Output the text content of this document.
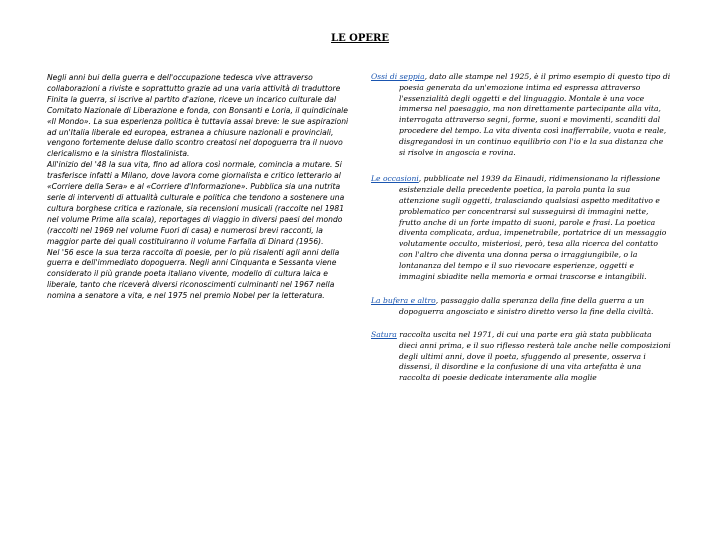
LE OPERE

Negli anni bui della guerra e dell'occupazione tedesca vive attraverso collaborazioni a riviste e soprattutto grazie ad una varia attività di traduttore

Finita la guerra, si iscrive al partito d'azione, riceve un incarico culturale dal Comitato Nazionale di Liberazione e fonda, con Bonsanti e Loria, il quindicinale «Il Mondo». La sua esperienza politica è tuttavia assai breve: le sue aspirazioni ad un'Italia liberale ed europea, estranea a chiusure nazionali e provinciali, vengono fortemente deluse dallo scontro creatosi nel dopoguerra tra il nuovo clericalismo e la sinistra filostalinista.

All'inizio del '48 la sua vita, fino ad allora così normale, comincia a mutare. Si trasferisce infatti a Milano, dove lavora come giornalista e critico letterario al «Corriere della Sera» e al «Corriere d'Informazione». Pubblica sia una nutrita serie di interventi di attualità culturale e politica che tendono a sostenere una cultura borghese critica e razionale, sia recensioni musicali (raccolte nel 1981 nel volume Prime alla scala), reportages di viaggio in diversi paesi del mondo (raccolti nel 1969 nel volume Fuori di casa) e numerosi brevi racconti, la maggior parte dei quali costituiranno il volume Farfalla di Dinard (1956).

Nel '56 esce la sua terza raccolta di poesie, per lo più risalenti agli anni della guerra e dell'immediato dopoguerra. Negli anni Cinquanta e Sessanta viene considerato il più grande poeta italiano vivente, modello di cultura laica e liberale, tanto che riceverà diversi riconoscimenti culminanti nel 1967 nella nomina a senatore a vita, e nel 1975 nel premio Nobel per la letteratura.

Ossi di seppia, dato alle stampe nel 1925, è il primo esempio di questo tipo di poesia generata da un'emozione intima ed espressa attraverso l'essenzialità degli oggetti e del linguaggio. Montale è una voce immersa nel paesaggio, ma non direttamente partecipante alla vita, interrogata attraverso segni, forme, suoni e movimenti, scanditi dal procedere del tempo. La vita diventa così inafferrabile, vuota e reale, disgregandosi in un continuo equilibrio con l'io e la sua distanza che si risolve in angoscia e rovina.

Le occasioni, pubblicate nel 1939 da Einaudi, ridimensionano la riflessione esistenziale della precedente poetica, la parola punta la sua attenzione sugli oggetti, tralasciando qualsiasi aspetto meditativo e problematico per concentrarsi sul susseguirsi di immagini nette, frutto anche di un forte impatto di suoni, parole e frasi. La poetica diventa complicata, ardua, impenetrabile, portatrice di un messaggio volutamente occulto, misteriosi, però, tesa alla ricerca del contatto con l'altro che diventa una donna persa o irraggiungibile, o la lontananza del tempo e il suo rievocare esperienze, oggetti e immagini sbiadite nella memoria e ormai trascorse e intangibili.

La bufera e altro, passaggio dalla speranza della fine della guerra a un dopoguerra angosciato e sinistro diretto verso la fine della civiltà.

Satura raccolta uscita nel 1971, di cui una parte era già stata pubblicata dieci anni prima, e il suo riflesso resterà tale anche nelle composizioni degli ultimi anni, dove il poeta, sfuggendo al presente, osserva i dissensi, il disordine e la confusione di una vita artefatta è una raccolta di poesie dedicate interamente alla moglie
